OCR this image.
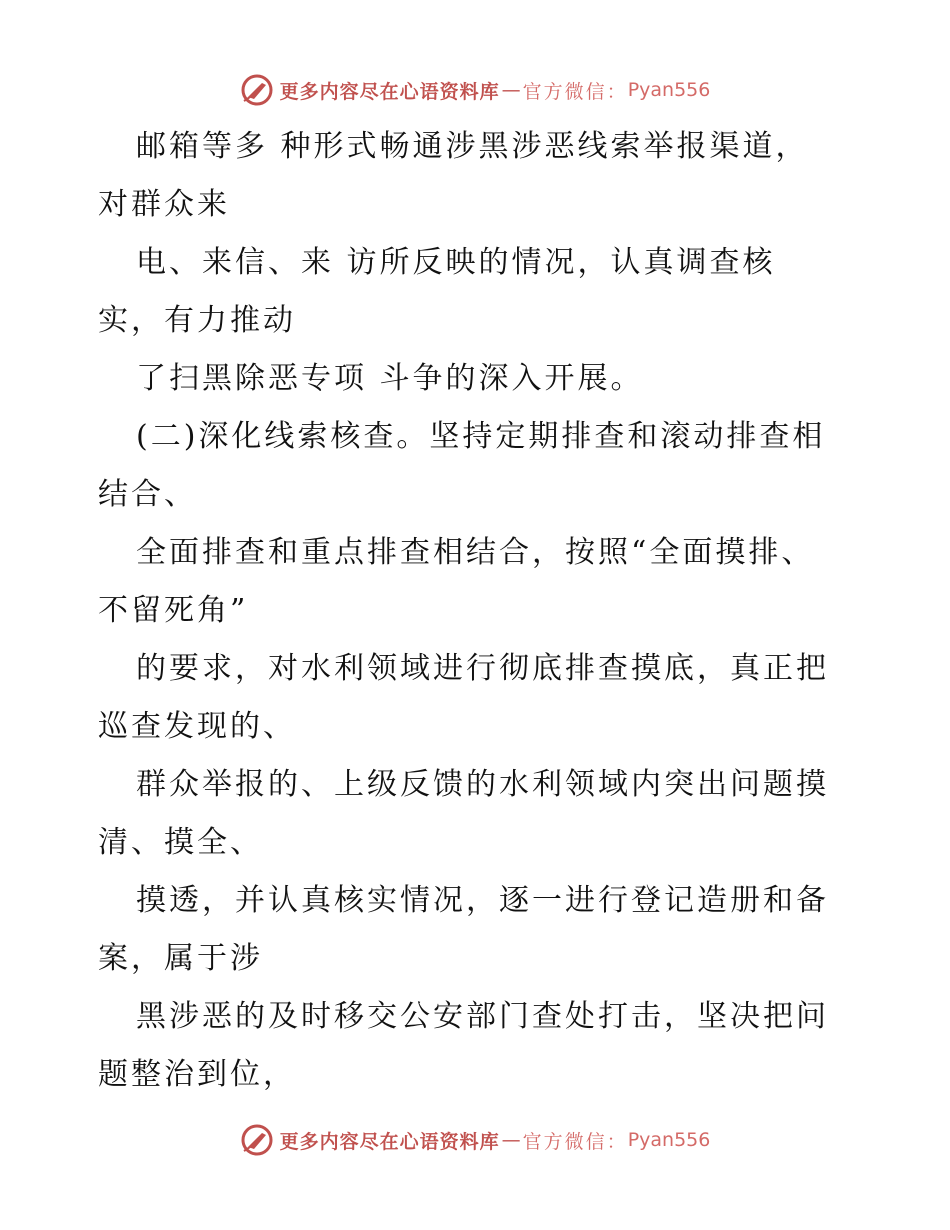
更多内容尽在心语资料库 — 官方微信： Pyan556

邮箱等多 种形式畅通涉黑涉恶线索举报渠道，
对群众来

电、来信、来 访所反映的情况，认真调查核
实，有力推动

了扫黑除恶专项 斗争的深入开展。

(二)深化线索核查。坚持定期排查和滚动排查相
结合、

全面排查和重点排查相结合，按照“全面摸排、
不留死角”

的要求，对水利领域进行彻底排查摸底，真正把
巡查发现的、

群众举报的、上级反馈的水利领域内突出问题摸
清、摸全、

摸透，并认真核实情况，逐一进行登记造册和备
案，属于涉

黑涉恶的及时移交公安部门查处打击，坚决把问
题整治到位，

更多内容尽在心语资料库 — 官方微信： Pyan556
